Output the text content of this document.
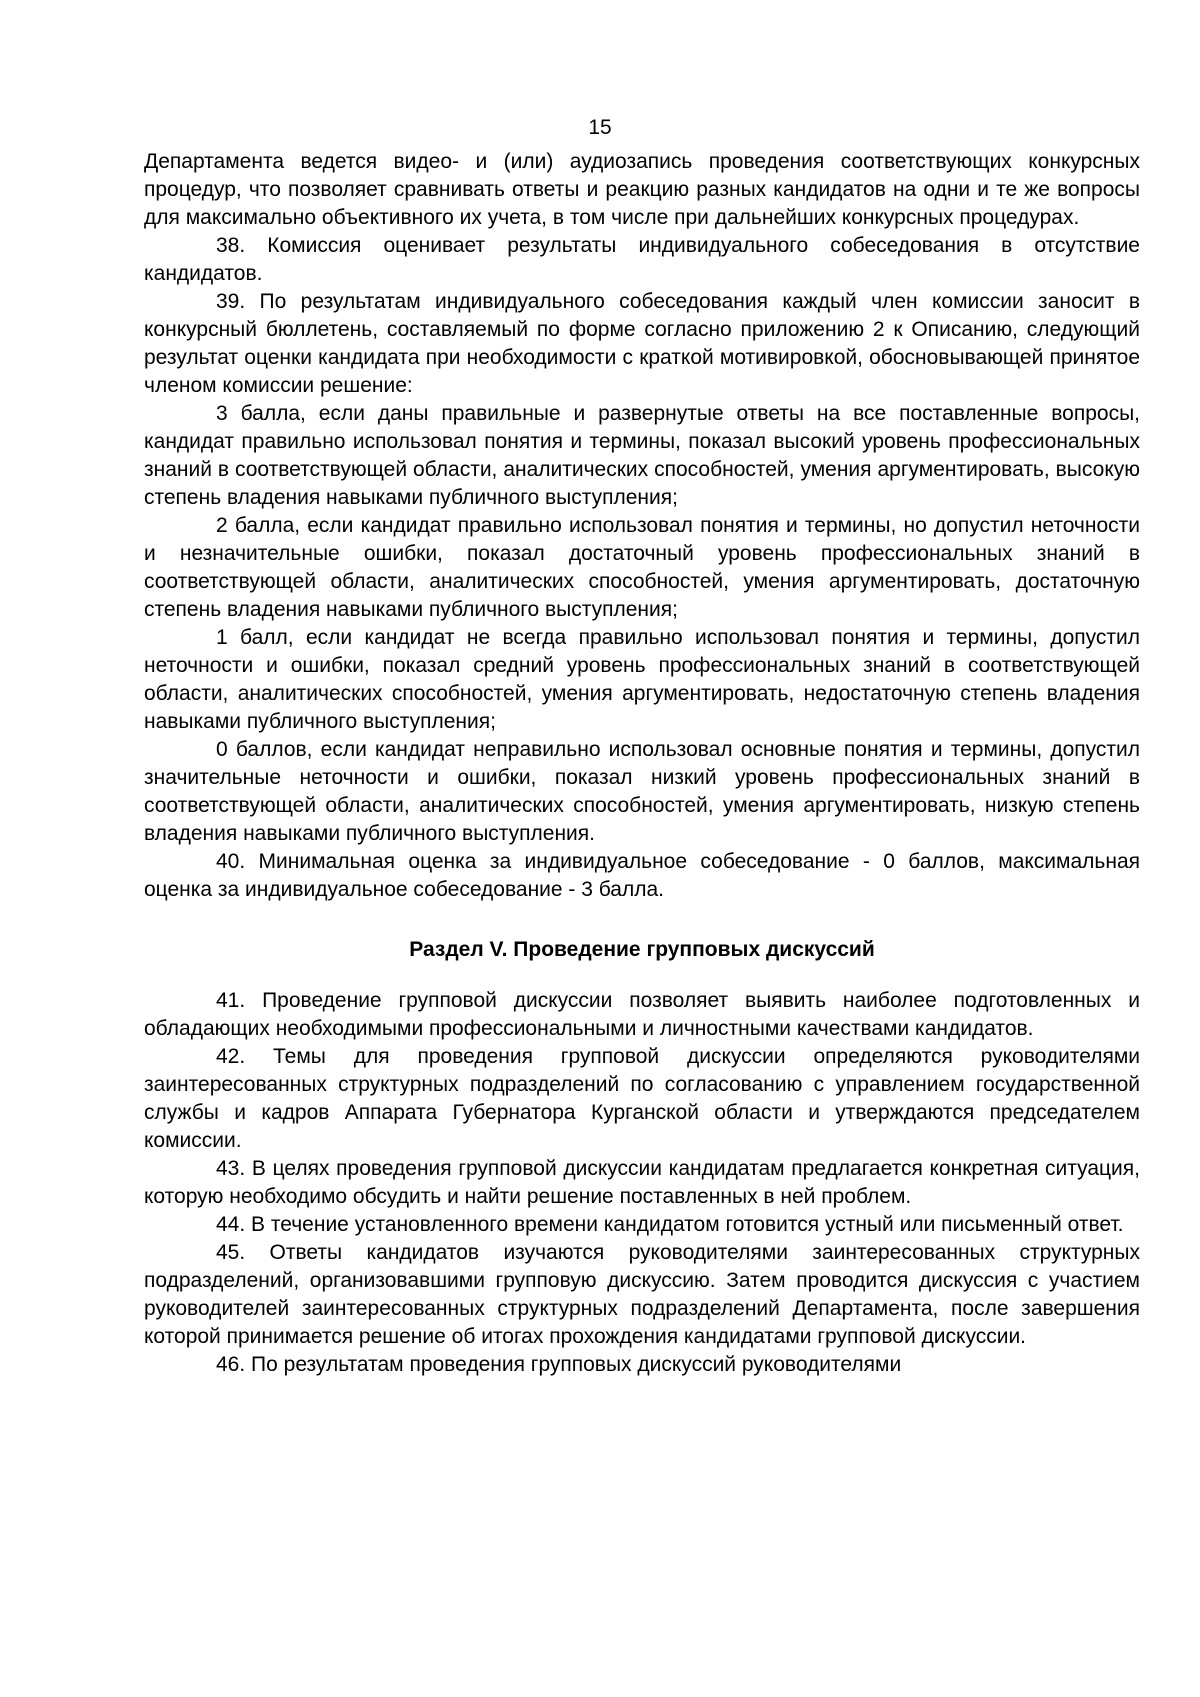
15

Департамента ведется видео- и (или) аудиозапись проведения соответствующих конкурсных процедур, что позволяет сравнивать ответы и реакцию разных кандидатов на одни и те же вопросы для максимально объективного их учета, в том числе при дальнейших конкурсных процедурах.

38. Комиссия оценивает результаты индивидуального собеседования в отсутствие кандидатов.

39. По результатам индивидуального собеседования каждый член комиссии заносит в конкурсный бюллетень, составляемый по форме согласно приложению 2 к Описанию, следующий результат оценки кандидата при необходимости с краткой мотивировкой, обосновывающей принятое членом комиссии решение:

3 балла, если даны правильные и развернутые ответы на все поставленные вопросы, кандидат правильно использовал понятия и термины, показал высокий уровень профессиональных знаний в соответствующей области, аналитических способностей, умения аргументировать, высокую степень владения навыками публичного выступления;

2 балла, если кандидат правильно использовал понятия и термины, но допустил неточности и незначительные ошибки, показал достаточный уровень профессиональных знаний в соответствующей области, аналитических способностей, умения аргументировать, достаточную степень владения навыками публичного выступления;

1 балл, если кандидат не всегда правильно использовал понятия и термины, допустил неточности и ошибки, показал средний уровень профессиональных знаний в соответствующей области, аналитических способностей, умения аргументировать, недостаточную степень владения навыками публичного выступления;

0 баллов, если кандидат неправильно использовал основные понятия и термины, допустил значительные неточности и ошибки, показал низкий уровень профессиональных знаний в соответствующей области, аналитических способностей, умения аргументировать, низкую степень владения навыками публичного выступления.

40. Минимальная оценка за индивидуальное собеседование - 0 баллов, максимальная оценка за индивидуальное собеседование - 3 балла.

Раздел V. Проведение групповых дискуссий

41. Проведение групповой дискуссии позволяет выявить наиболее подготовленных и обладающих необходимыми профессиональными и личностными качествами кандидатов.

42. Темы для проведения групповой дискуссии определяются руководителями заинтересованных структурных подразделений по согласованию с управлением государственной службы и кадров Аппарата Губернатора Курганской области и утверждаются председателем комиссии.

43. В целях проведения групповой дискуссии кандидатам предлагается конкретная ситуация, которую необходимо обсудить и найти решение поставленных в ней проблем.

44. В течение установленного времени кандидатом готовится устный или письменный ответ.

45. Ответы кандидатов изучаются руководителями заинтересованных структурных подразделений, организовавшими групповую дискуссию. Затем проводится дискуссия с участием руководителей заинтересованных структурных подразделений Департамента, после завершения которой принимается решение об итогах прохождения кандидатами групповой дискуссии.

46. По результатам проведения групповых дискуссий руководителями
